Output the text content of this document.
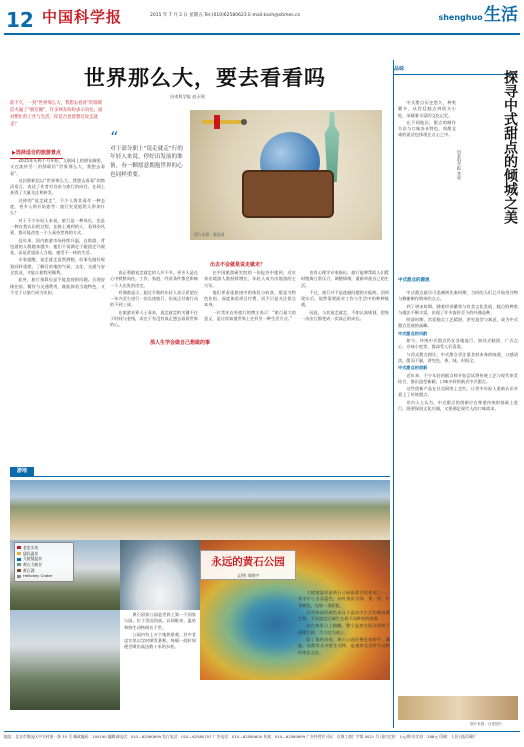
12 中国科学报	2015 年 7 月 3 日 星期五 Tel:(010)62580623 E-mail:kxsh@stimes.cn	shenghuo 生活
世界那么大，要去看看吗
田本科学报 赵天瑶
前不久，一封“世界那么大，我想去看看”的辞职信火遍了“朋友圈”，许多网友纷纷表示向往。面对繁忙的工作与生活，你是否也曾想过说走就走？
“
对于部分职上“说走就走”行的年轻人来说，停好出发前的准备，有一颗愿意拥抱世界的心也同样重要。
图片来源：新浪网
▶选择适合的旅游景点

2015年头两个月开始，互联网上的朋友圈里，又在流传另一封辞职信“世界那么大，我想去看看”。

这封辞职信以“世界那么大，我想去看看”的简洁语言，表达了作者对自由与旅行的向往，在网上获得了大量关注和转发。

这样的“说走就走”，不少人将其看作一种态度，更多人则开始思考：旅行究竟能给人带来什么？

对于不少年轻人来说，旅行是一种成长，也是一种自我认识的过程。在路上遇到的人、看到的风景，都可能改变一个人看待世界的方式。

近年来，国内旅游市场持续升温，自助游、背包游的人群越来越多。他们不再满足于跟团走马观花，而是希望深入当地，感受不一样的生活。

专家提醒，说走就走虽然洒脱，但事先做好规划同样重要。了解目的地的气候、文化、交通与安全状况，才能让旅程更顺利。

此外，旅行预算也是不能忽视的问题。合理安排住宿、餐饮与交通费用，既能体验当地特色，又不至于让旅行成为负担。

出去不会就是说走就走？

真正勇敢说走就走的人并不多，更多人是在心中默默向往。工作、家庭、经济条件都会影响一个人出发的决定。

有调查显示，超过半数的年轻人表示希望在一年内至少进行一次长途旅行，但真正付诸行动的不到三成。

在旅游业界人士看来，说走就走的关键不在于时间与金钱，而在于有没有真正想去看看世界的心。

在中国旅游研究院的一份报告中提到，近年来出境游人数持续增长，年轻人成为出境游的主力军。

他们更看重旅途中的体验与收获，愿意为特色住宿、深度体验项目付费，而不只是关注景点本身。

一位常年在外旅行的博主表示：“旅行最大的意义，是让你知道世界上还有另一种生活方式。”

也有心理学专家指出，旅行能够帮助人们暂时脱离日常压力，调整情绪，重新审视自己的生活。

不过，旅行并不是逃避问题的万能药。回到现实后，依然需要面对工作与生活中的种种挑战。

因此，与其说走就走，不如认真规划，把每一次出行都变成一次真正的成长。

那人生学会做自己想做的事
品味
探寻中式甜点的倾城之美
田本科学报 李晨

中式甜点历史悠久，种类繁多，从宫廷糕点到街头小吃，承载着丰富的文化记忆。

在不同地区，甜点的制作方法与口味各具特色，南甜北咸的说法也体现在点心之中。

中式甜点的源流

中式甜点最早可追溯到先秦时期，当时的人们已开始用谷物与蜂蜜制作简单的点心。

到了唐宋时期，随着经济繁荣与饮食文化发展，糕点的种类与做法不断丰富，出现了许多流传至今的经典品种。

明清时期，宫廷糕点工艺精湛，讲究造型与寓意，成为中式甜点发展的高峰。

中式甜点的风韵

如今，传统中式甜点仍在各地流行，如苏式糕团、广式点心、京味小吃等，都深受人们喜爱。

与西式甜点相比，中式甜点更注重食材本身的味道，口感清淡，甜而不腻，讲究色、香、味、形俱全。

中式甜点的创新

近年来，不少年轻的糕点师开始尝试将传统工艺与现代审美结合，推出造型新颖、口味多样的新式中式甜点。

这些创新产品在社交网络上走红，让更多年轻人重新认识并爱上了传统甜点。

业内人士认为，中式甜点的创新应在尊重传统的基础上进行，既要保留文化内涵，又要满足现代人的口味需求。

图片来源：百度图片
游地
老忠实泉
猛犸温泉
大棱镜温泉
黄石大峡谷
黄石湖
Hellokey Crater
永远的黄石公园
文/图 刘晓宇

黄石国家公园是世界上第一个国家公园，位于美国西部，以间歇泉、温泉和野生动物闻名于世。

公园内有上万个地热景观，其中老忠实泉以定时喷发著称，每隔一段时间便会喷出高达数十米的水柱。

大棱镜温泉是黄石公园最著名的景观之一，泉水中心呈深蓝色，向外依次为绿、黄、橙、红等颜色，宛如一道彩虹。

这些绚丽的颜色来自于温泉中生活的嗜热微生物，不同温度区域生长着不同种类的菌群。

站在观景台上俯瞰，整个温泉在阳光照射下熠熠生辉，令人叹为观止。

除了地热奇观，黄石公园还栖息着野牛、麋鹿、灰熊等众多野生动物，是观察北美野生动物的绝佳去处。

地址：北京市海淀区中关村南一条 33 号 邮政编码：100190 编辑部电话：010—62580699 发行电话：010—62580707 广告电话：010—62580600 传真：010—62580699 广告经营许可证：京海工商广字第 0021 号 国内定价：1元/期 年定价：288元 印刷：人民日报印刷厂
